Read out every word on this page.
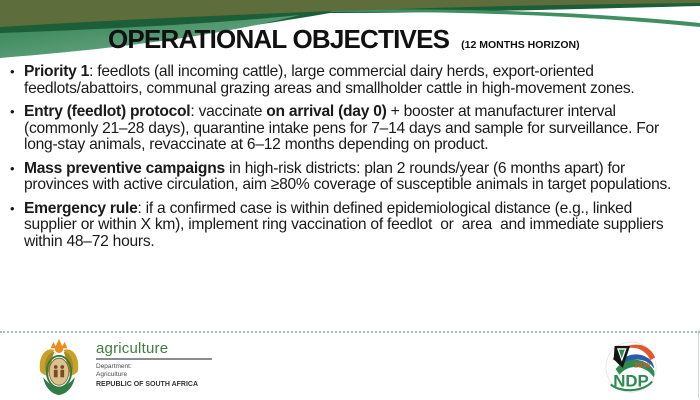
OPERATIONAL OBJECTIVES (12 MONTHS HORIZON)
• Priority 1: feedlots (all incoming cattle), large commercial dairy herds, export-oriented feedlots/abattoirs, communal grazing areas and smallholder cattle in high-movement zones.
• Entry (feedlot) protocol: vaccinate on arrival (day 0) + booster at manufacturer interval (commonly 21–28 days), quarantine intake pens for 7–14 days and sample for surveillance. For long-stay animals, revaccinate at 6–12 months depending on product.
• Mass preventive campaigns in high-risk districts: plan 2 rounds/year (6 months apart) for provinces with active circulation, aim ≥80% coverage of susceptible animals in target populations.
• Emergency rule: if a confirmed case is within defined epidemiological distance (e.g., linked supplier or within X km), implement ring vaccination of feedlot  or  area  and immediate suppliers within 48–72 hours.
agriculture
Department:
Agriculture
REPUBLIC OF SOUTH AFRICA
2030
NDP
